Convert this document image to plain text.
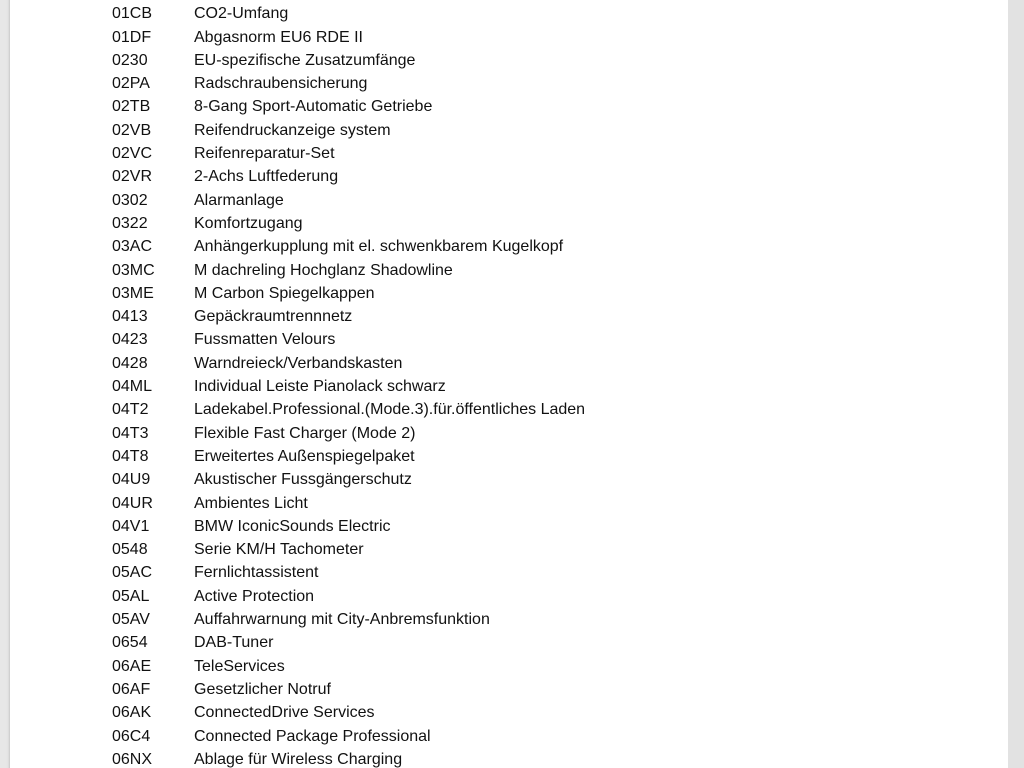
01CB	CO2-Umfang
01DF	Abgasnorm EU6 RDE II
0230	EU-spezifische Zusatzumfänge
02PA	Radschraubensicherung
02TB	8-Gang Sport-Automatic Getriebe
02VB	Reifendruckanzeige system
02VC	Reifenreparatur-Set
02VR	2-Achs Luftfederung
0302	Alarmanlage
0322	Komfortzugang
03AC	Anhängerkupplung mit el. schwenkbarem Kugelkopf
03MC	M dachreling Hochglanz Shadowline
03ME	M Carbon Spiegelkappen
0413	Gepäckraumtrennnetz
0423	Fussmatten Velours
0428	Warndreieck/Verbandskasten
04ML	Individual Leiste Pianolack schwarz
04T2	Ladekabel.Professional.(Mode.3).für.öffentliches Laden
04T3	Flexible Fast Charger (Mode 2)
04T8	Erweitertes Außenspiegelpaket
04U9	Akustischer Fussgängerschutz
04UR	Ambientes Licht
04V1	BMW IconicSounds Electric
0548	Serie KM/H Tachometer
05AC	Fernlichtassistent
05AL	Active Protection
05AV	Auffahrwarnung mit City-Anbremsfunktion
0654	DAB-Tuner
06AE	TeleServices
06AF	Gesetzlicher Notruf
06AK	ConnectedDrive Services
06C4	Connected Package Professional
06NX	Ablage für Wireless Charging
